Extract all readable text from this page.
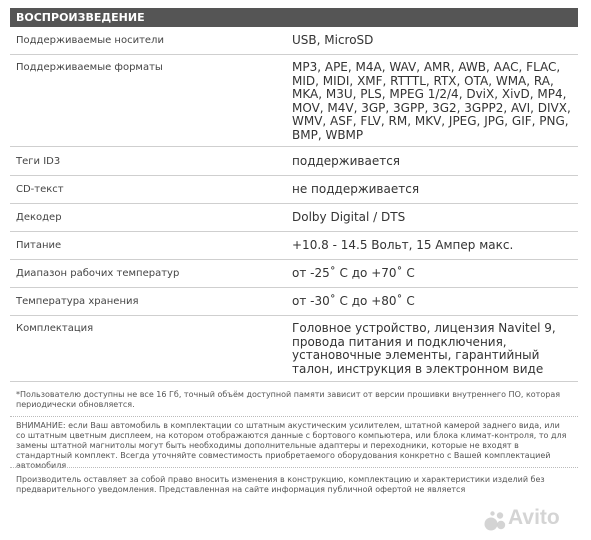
ВОСПРОИЗВЕДЕНИЕ
Поддерживаемые носители	USB, MicroSD
Поддерживаемые форматы	MP3, APE, M4A, WAV, AMR, AWB, AAC, FLAC, MID, MIDI, XMF, RTTTL, RTX, OTA, WMA, RA, MKA, M3U, PLS, MPEG 1/2/4, DviX, XivD, MP4, MOV, M4V, 3GP, 3GPP, 3G2, 3GPP2, AVI, DIVX, WMV, ASF, FLV, RM, MKV, JPEG, JPG, GIF, PNG, BMP, WBMP
Теги ID3	поддерживается
CD-текст	не поддерживается
Декодер	Dolby Digital / DTS
Питание	+10.8 - 14.5 Вольт, 15 Ампер макс.
Диапазон рабочих температур	от -25˚ С до +70˚ С
Температура хранения	от -30˚ С до +80˚ С
Комплектация	Головное устройство, лицензия Navitel 9, провода питания и подключения, установочные элементы, гарантийный талон, инструкция в электронном виде
*Пользователю доступны не все 16 Гб, точный объём доступной памяти зависит от версии прошивки внутреннего ПО, которая периодически обновляется.
ВНИМАНИЕ: если Ваш автомобиль в комплектации со штатным акустическим усилителем, штатной камерой заднего вида, или со штатным цветным дисплеем, на котором отображаются данные с бортового компьютера, или блока климат-контроля, то для замены штатной магнитолы могут быть необходимы дополнительные адаптеры и переходники, которые не входят в стандартный комплект. Всегда уточняйте совместимость приобретаемого оборудования конкретно с Вашей комплектацией автомобиля.
Производитель оставляет за собой право вносить изменения в конструкцию, комплектацию и характеристики изделий без предварительного уведомления. Представленная на сайте информация публичной офертой не является
Avito
